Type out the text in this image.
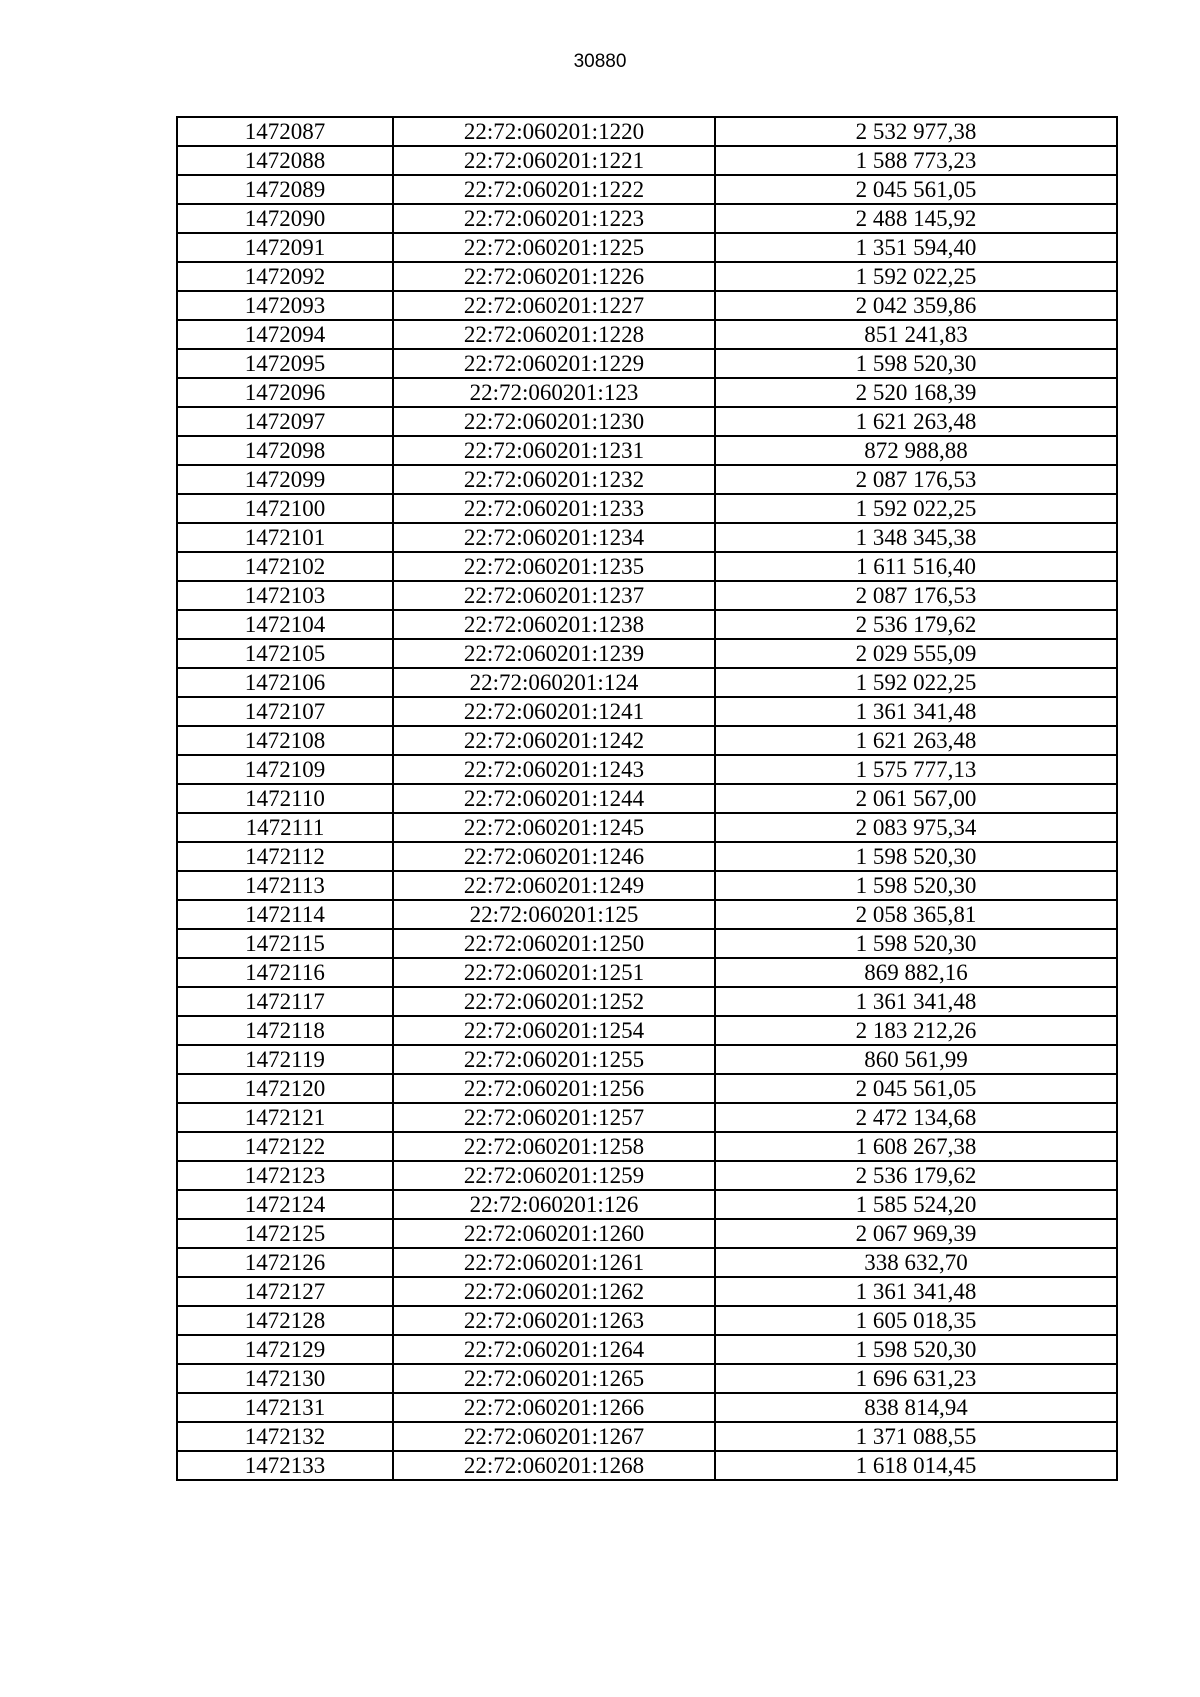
30880
1472087	22:72:060201:1220	2 532 977,38
1472088	22:72:060201:1221	1 588 773,23
1472089	22:72:060201:1222	2 045 561,05
1472090	22:72:060201:1223	2 488 145,92
1472091	22:72:060201:1225	1 351 594,40
1472092	22:72:060201:1226	1 592 022,25
1472093	22:72:060201:1227	2 042 359,86
1472094	22:72:060201:1228	851 241,83
1472095	22:72:060201:1229	1 598 520,30
1472096	22:72:060201:123	2 520 168,39
1472097	22:72:060201:1230	1 621 263,48
1472098	22:72:060201:1231	872 988,88
1472099	22:72:060201:1232	2 087 176,53
1472100	22:72:060201:1233	1 592 022,25
1472101	22:72:060201:1234	1 348 345,38
1472102	22:72:060201:1235	1 611 516,40
1472103	22:72:060201:1237	2 087 176,53
1472104	22:72:060201:1238	2 536 179,62
1472105	22:72:060201:1239	2 029 555,09
1472106	22:72:060201:124	1 592 022,25
1472107	22:72:060201:1241	1 361 341,48
1472108	22:72:060201:1242	1 621 263,48
1472109	22:72:060201:1243	1 575 777,13
1472110	22:72:060201:1244	2 061 567,00
1472111	22:72:060201:1245	2 083 975,34
1472112	22:72:060201:1246	1 598 520,30
1472113	22:72:060201:1249	1 598 520,30
1472114	22:72:060201:125	2 058 365,81
1472115	22:72:060201:1250	1 598 520,30
1472116	22:72:060201:1251	869 882,16
1472117	22:72:060201:1252	1 361 341,48
1472118	22:72:060201:1254	2 183 212,26
1472119	22:72:060201:1255	860 561,99
1472120	22:72:060201:1256	2 045 561,05
1472121	22:72:060201:1257	2 472 134,68
1472122	22:72:060201:1258	1 608 267,38
1472123	22:72:060201:1259	2 536 179,62
1472124	22:72:060201:126	1 585 524,20
1472125	22:72:060201:1260	2 067 969,39
1472126	22:72:060201:1261	338 632,70
1472127	22:72:060201:1262	1 361 341,48
1472128	22:72:060201:1263	1 605 018,35
1472129	22:72:060201:1264	1 598 520,30
1472130	22:72:060201:1265	1 696 631,23
1472131	22:72:060201:1266	838 814,94
1472132	22:72:060201:1267	1 371 088,55
1472133	22:72:060201:1268	1 618 014,45
